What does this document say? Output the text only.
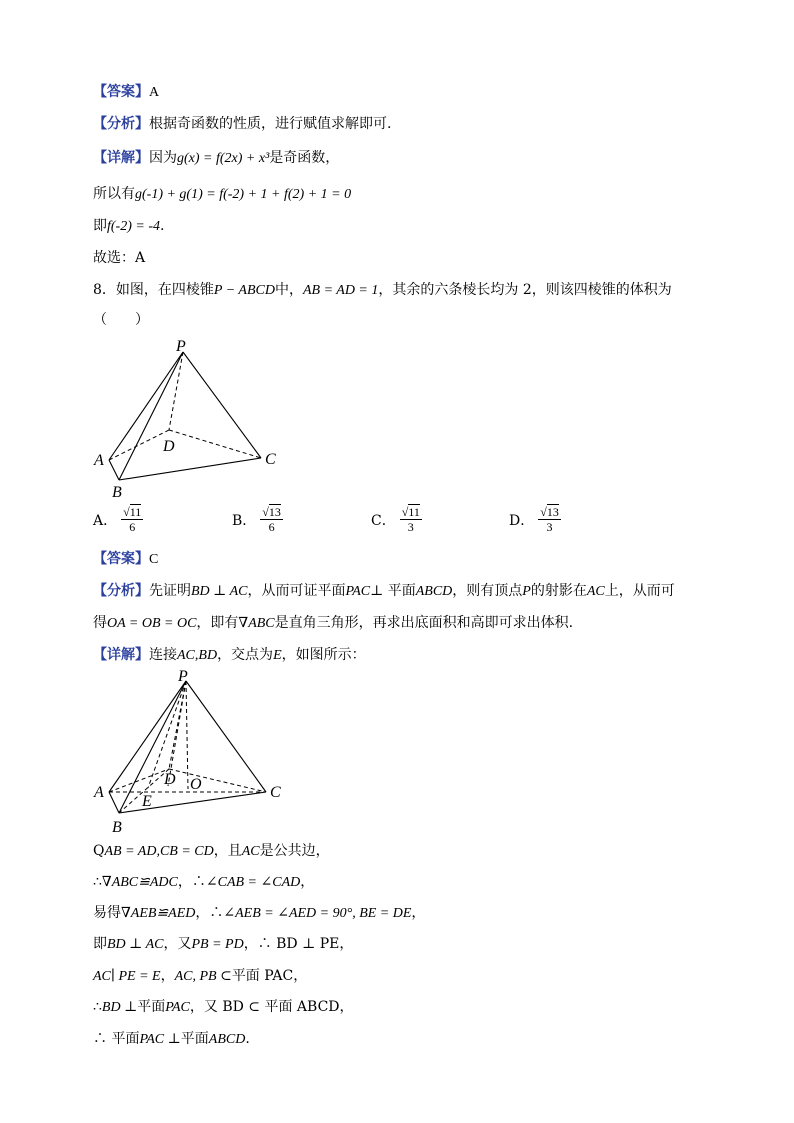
【答案】A
【分析】根据奇函数的性质，进行赋值求解即可.
【详解】因为g(x) = f(2x) + x³是奇函数，
所以有g(-1) + g(1) = f(-2) + 1 + f(2) + 1 = 0
即f(-2) = -4.
故选：A
8．如图，在四棱锥P − ABCD中，AB = AD = 1，其余的六条棱长均为 2，则该四棱锥的体积为
（　　）
P
A
B
C
D
A． $\frac{√11}{6}$	B． $\frac{√13}{6}$	C． $\frac{√11}{3}$	D． $\frac{√13}{3}$
【答案】C
【分析】先证明BD ⊥ AC，从而可证平面PAC⊥ 平面ABCD，则有顶点P的射影在AC上，从而可
得OA = OB = OC，即有∇ABC是直角三角形，再求出底面积和高即可求出体积.
【详解】连接AC,BD，交点为E，如图所示：
P
A
B
C
D O
E
QAB = AD,CB = CD，且AC是公共边，
∴∇ABC≌ADC，∴∠CAB = ∠CAD，
易得∇AEB≌AED，∴∠AEB = ∠AED = 90°, BE = DE，
即BD ⊥ AC，又PB = PD，∴ BD ⊥ PE，
AC∣ PE = E，AC, PB ⊂平面 PAC，
∴BD ⊥平面PAC，又 BD ⊂ 平面 ABCD，
∴ 平面PAC ⊥平面ABCD.
